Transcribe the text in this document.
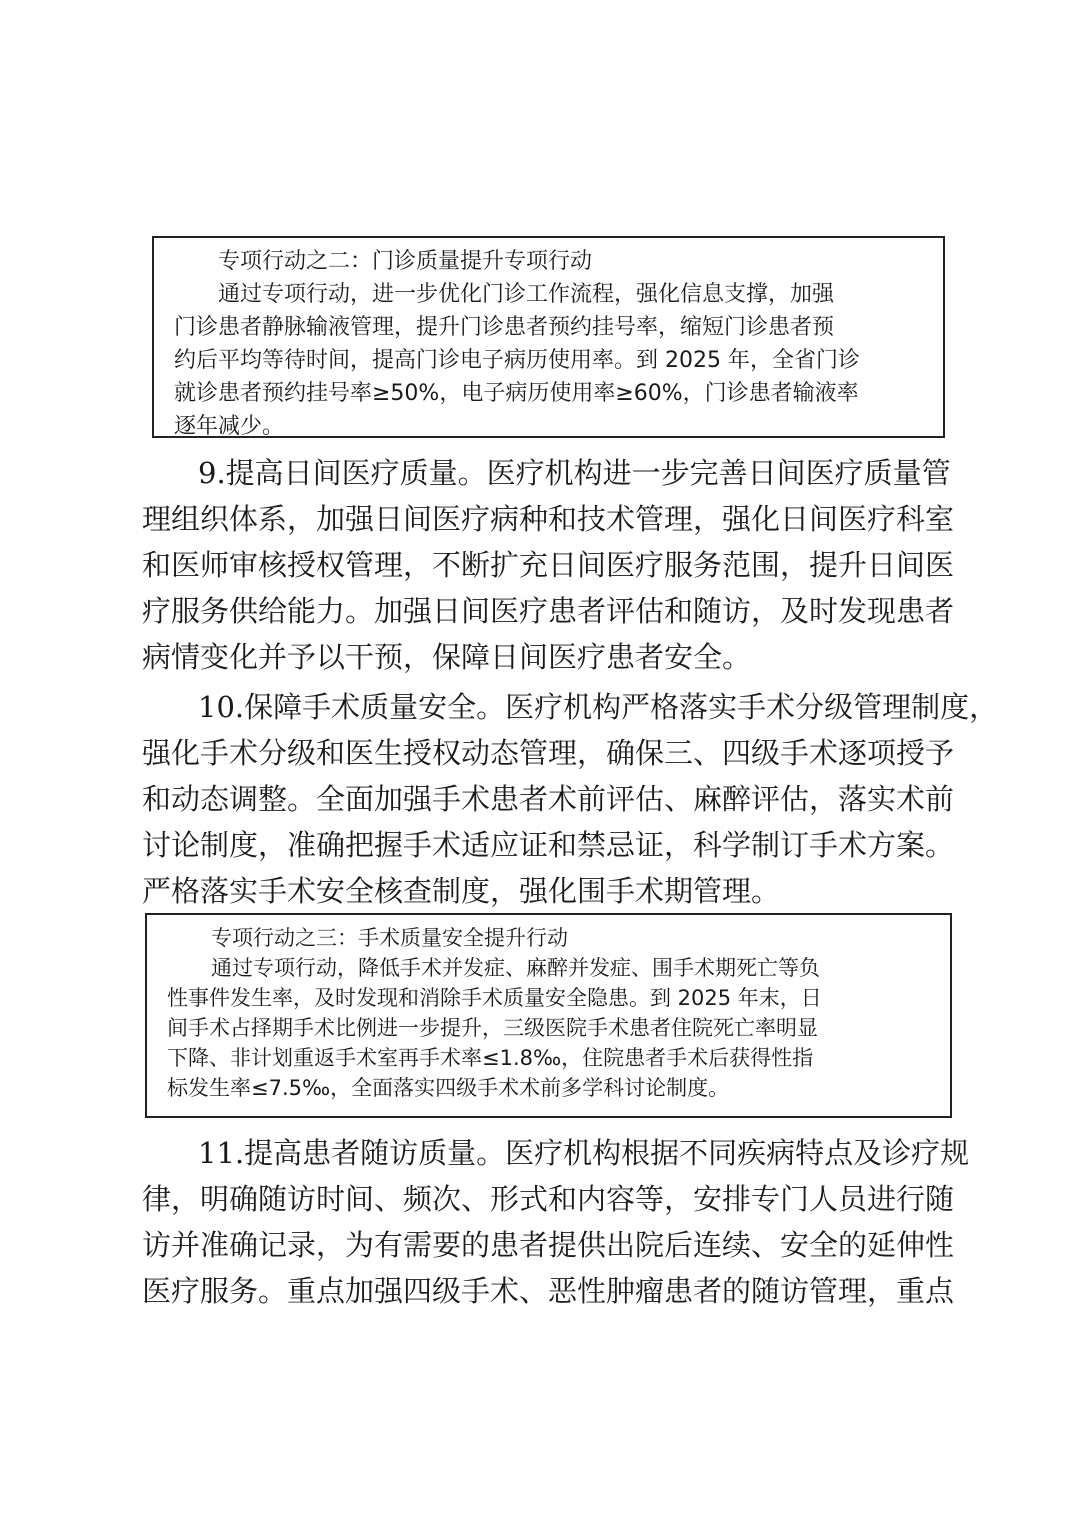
专项行动之二：门诊质量提升专项行动
通过专项行动，进一步优化门诊工作流程，强化信息支撑，加强
门诊患者静脉输液管理，提升门诊患者预约挂号率，缩短门诊患者预
约后平均等待时间，提高门诊电子病历使用率。到 2025 年，全省门诊
就诊患者预约挂号率≥50%，电子病历使用率≥60%，门诊患者输液率
逐年减少。
9.提高日间医疗质量。医疗机构进一步完善日间医疗质量管
理组织体系，加强日间医疗病种和技术管理，强化日间医疗科室
和医师审核授权管理，不断扩充日间医疗服务范围，提升日间医
疗服务供给能力。加强日间医疗患者评估和随访，及时发现患者
病情变化并予以干预，保障日间医疗患者安全。
10.保障手术质量安全。医疗机构严格落实手术分级管理制度，
强化手术分级和医生授权动态管理，确保三、四级手术逐项授予
和动态调整。全面加强手术患者术前评估、麻醉评估，落实术前
讨论制度，准确把握手术适应证和禁忌证，科学制订手术方案。
严格落实手术安全核查制度，强化围手术期管理。
专项行动之三：手术质量安全提升行动
通过专项行动，降低手术并发症、麻醉并发症、围手术期死亡等负
性事件发生率，及时发现和消除手术质量安全隐患。到 2025 年末，日
间手术占择期手术比例进一步提升，三级医院手术患者住院死亡率明显
下降、非计划重返手术室再手术率≤1.8‰，住院患者手术后获得性指
标发生率≤7.5‰，全面落实四级手术术前多学科讨论制度。
11.提高患者随访质量。医疗机构根据不同疾病特点及诊疗规
律，明确随访时间、频次、形式和内容等，安排专门人员进行随
访并准确记录，为有需要的患者提供出院后连续、安全的延伸性
医疗服务。重点加强四级手术、恶性肿瘤患者的随访管理，重点
